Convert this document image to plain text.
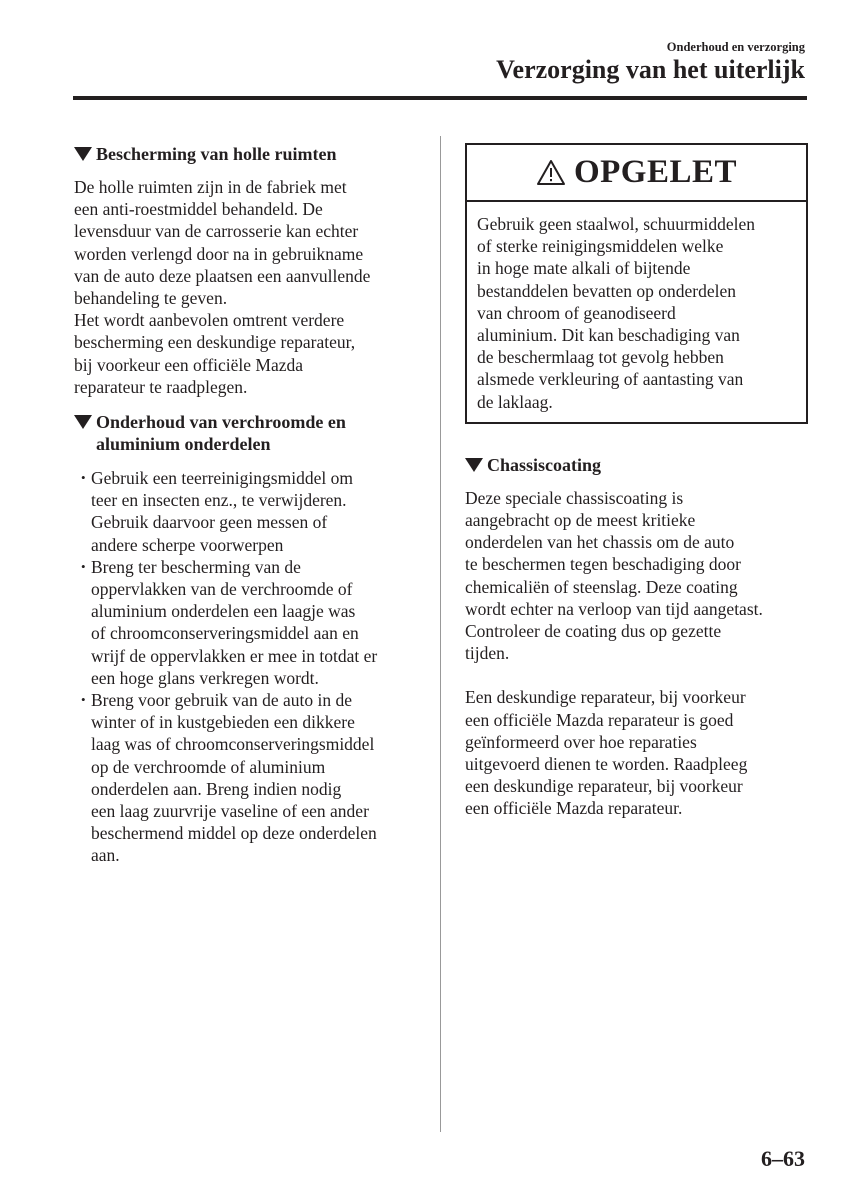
Onderhoud en verzorging
Verzorging van het uiterlijk
Bescherming van holle ruimten

De holle ruimten zijn in de fabriek met
een anti-roestmiddel behandeld. De
levensduur van de carrosserie kan echter
worden verlengd door na in gebruikname
van de auto deze plaatsen een aanvullende
behandeling te geven.

Het wordt aanbevolen omtrent verdere
bescherming een deskundige reparateur,
bij voorkeur een officiële Mazda
reparateur te raadplegen.

Onderhoud van verchroomde en
aluminium onderdelen
• Gebruik een teerreinigingsmiddel om
teer en insecten enz., te verwijderen.
Gebruik daarvoor geen messen of
andere scherpe voorwerpen
• Breng ter bescherming van de
oppervlakken van de verchroomde of
aluminium onderdelen een laagje was
of chroomconserveringsmiddel aan en
wrijf de oppervlakken er mee in totdat er
een hoge glans verkregen wordt.
• Breng voor gebruik van de auto in de
winter of in kustgebieden een dikkere
laag was of chroomconserveringsmiddel
op de verchroomde of aluminium
onderdelen aan. Breng indien nodig
een laag zuurvrije vaseline of een ander
beschermend middel op deze onderdelen
aan.
OPGELET
Gebruik geen staalwol, schuurmiddelen
of sterke reinigingsmiddelen welke
in hoge mate alkali of bijtende
bestanddelen bevatten op onderdelen
van chroom of geanodiseerd
aluminium. Dit kan beschadiging van
de beschermlaag tot gevolg hebben
alsmede verkleuring of aantasting van
de laklaag.
Chassiscoating

Deze speciale chassiscoating is
aangebracht op de meest kritieke
onderdelen van het chassis om de auto
te beschermen tegen beschadiging door
chemicaliën of steenslag. Deze coating
wordt echter na verloop van tijd aangetast.
Controleer de coating dus op gezette
tijden.

Een deskundige reparateur, bij voorkeur
een officiële Mazda reparateur is goed
geïnformeerd over hoe reparaties
uitgevoerd dienen te worden. Raadpleeg
een deskundige reparateur, bij voorkeur
een officiële Mazda reparateur.

6–63
